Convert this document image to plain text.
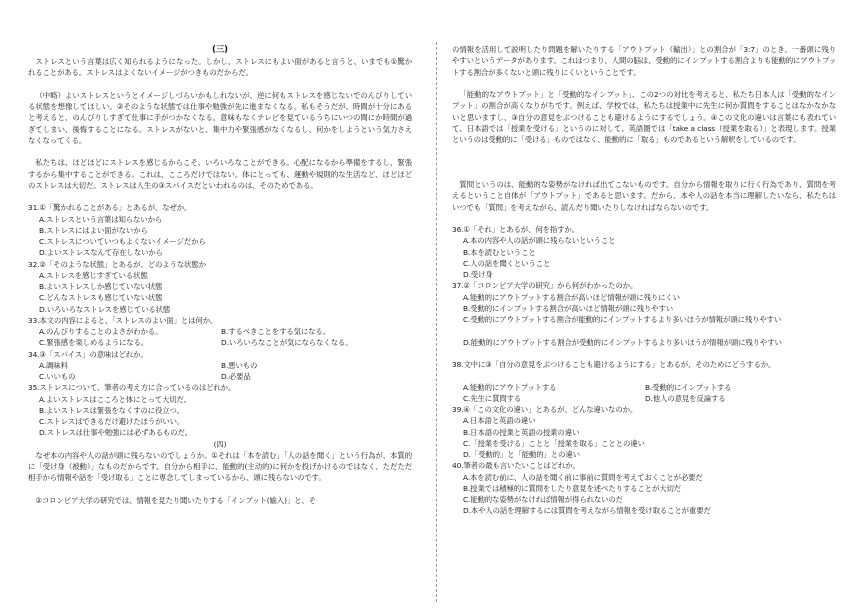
(三)
ストレスという言葉は広く知られるようになった。しかし、ストレスにもよい面があると言うと、いまでも①驚かれることがある。ストレスはよくないイメージがつきものだからだ。
（中略）よいストレスというとイメージしづらいかもしれないが、逆に何もストレスを感じないでのんびりしている状態を想像してほしい。②そのような状態では仕事や勉強が先に進まなくなる。私もそうだが、時間が十分にあると考えると、のんびりしすぎて仕事に手がつかなくなる。意味もなくテレビを見ているうちにいつの間にか時間が過ぎてしまい、後悔することになる。ストレスがないと、集中力や緊張感がなくなるし、何かをしようという気力さえなくなってくる。
私たちは、ほどほどにストレスを感じるからこそ、いろいろなことができる。心配になるから準備をするし、緊張するから集中することができる。これは、こころだけではない。体にとっても、運動や規則的な生活など、ほどほどのストレスは大切だ。ストレスは人生の③スパイスだといわれるのは、そのためである。
31.①「驚かれることがある」とあるが、なぜか。
A.ストレスという言葉は知らないから
B.ストレスにはよい面がないから
C.ストレスについていつもよくないイメージだから
D.よいストレスなんて存在しないから
32.②「そのような状態」とあるが、どのような状態か
A.ストレスを感じすぎている状態
B.よいストレスしか感じていない状態
C.どんなストレスも感じていない状態
D.いろいろなストレスを感じている状態
33.本文の内容によると、「ストレスのよい面」とは何か。
A.のんびりすることのよさがわかる。	B.するべきことをする気になる。
C.緊張感を楽しめるようになる。	D.いろいろなことが気にならなくなる。
34.③「スパイス」の意味はどれか。
A.調味料	B.悪いもの
C.いいもの	D.必要品
35.ストレスについて、筆者の考え方に合っているのはどれか。
A.よいストレスはこころと体にとって大切だ。
B.よいストレスは緊張をなくすのに役立つ。
C.ストレスはできるだけ避けたほうがいい。
D.ストレスは仕事や勉強には必ずあるものだ。
(四)
なぜ本の内容や人の話が頭に残らないのでしょうか。①それは「本を読む」「人の話を聞く」という行為が、本質的に「受け身（被動）」なものだからです。自分から相手に、能動的(主动的)に何かを投げかけるのではなく、ただただ相手から情報や話を「受け取る」ことに専念してしまっているから、頭に残らないのです。
②コロンビア大学の研究では、情報を見たり聞いたりする「インプット(输入)」と、そ
の情報を活用して説明したり問題を解いたりする「アウトプット（輸出）」との割合が「3:7」のとき、一番頭に残りやすいというデータがあります。これはつまり、人間の脳は、受動的にインプットする割合よりも能動的にアウトプットする割合が多くないと頭に残りにくいということです。
「能動的なアウトプット」と「受動的なインプット」、この2つの対比を考えると、私たち日本人は「受動的なインプット」の割合が高くなりがちです。例えば、学校では、私たちは授業中に先生に何か質問をすることはなかなかないと思いますし、③自分の意見をぶつけることも避けるようにするでしょう。④この文化の違いは言葉にも表れていて、日本語では「授業を受ける」というのに対して、英語圏では「take a class（授業を取る）」と表現します。授業というのは受動的に「受ける」ものではなく、能動的に「取る」ものであるという解釈をしているのです。
質問というのは、能動的な姿勢がなければ出てこないものです。自分から情報を取りに行く行為であり、質問を考えるということ自体が「アウトプット」であると思います。だから、本や人の話を本当に理解したいなら、私たちはいつでも「質問」を考えながら、読んだり聞いたりしなければならないのです。
36.①「それ」とあるが、何を指すか。
A.本の内容や人の話が頭に残らないということ
B.本を読むということ
C.人の話を聞くということ
D.受け身
37.②「コロンビア大学の研究」から何がわかったのか。
A.能動的にアウトプットする割合が高いほど情報が頭に残りにくい
B.受動的にインプットする割合が高いほど情報が頭に残りやすい
C.受動的にアウトプットする割合が能動的にインプットするより多いほうが情報が頭に残りやすい
D.能動的にアウトプットする割合が受動的にインプットするより多いほうが情報が頭に残りやすい
38.文中に③「自分の意見をぶつけることも避けるようにする」とあるが、そのためにどうするか。
A.能動的にアウトプットする	B.受動的にインプットする
C.先生に質問する	D.他人の意見を反論する
39.④「この文化の違い」とあるが、どんな違いなのか。
A.日本語と英語の違い
B.日本語の授業と英語の授業の違い
C.「授業を受ける」ことと「授業を取る」こととの違い
D.「受動的」と「能動的」との違い
40.筆者の最も言いたいことはどれか。
A.本を読む前に、人の話を聞く前に事前に質問を考えておくことが必要だ
B.授業では積極的に質問をしたり意見を述べたりすることが大切だ
C.能動的な姿勢がなければ情報が得られないのだ
D.本や人の話を理解するには質問を考えながら情報を受け取ることが重要だ
